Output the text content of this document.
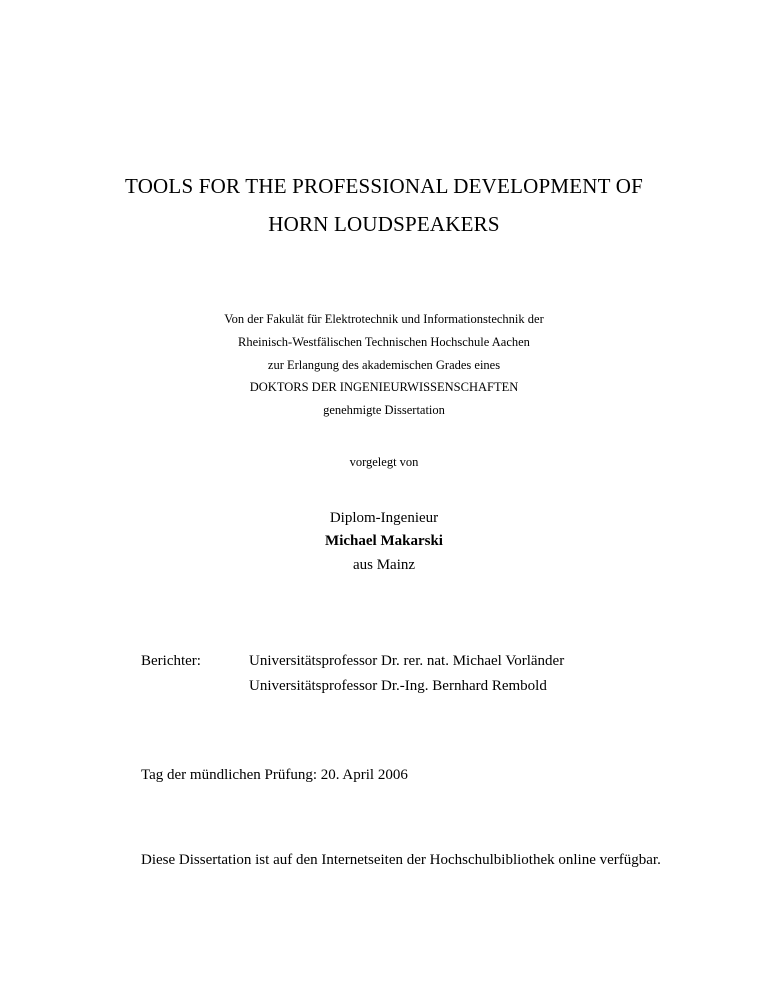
TOOLS FOR THE PROFESSIONAL DEVELOPMENT OF
HORN LOUDSPEAKERS
Von der Fakulät für Elektrotechnik und Informationstechnik der
Rheinisch-Westfälischen Technischen Hochschule Aachen
zur Erlangung des akademischen Grades eines
DOKTORS DER INGENIEURWISSENSCHAFTEN
genehmigte Dissertation
vorgelegt von
Diplom-Ingenieur
Michael Makarski
aus Mainz
Berichter:	Universitätsprofessor Dr. rer. nat. Michael Vorländer
Universitätsprofessor Dr.-Ing. Bernhard Rembold
Tag der mündlichen Prüfung: 20. April 2006
Diese Dissertation ist auf den Internetseiten der Hochschulbibliothek online verfügbar.
